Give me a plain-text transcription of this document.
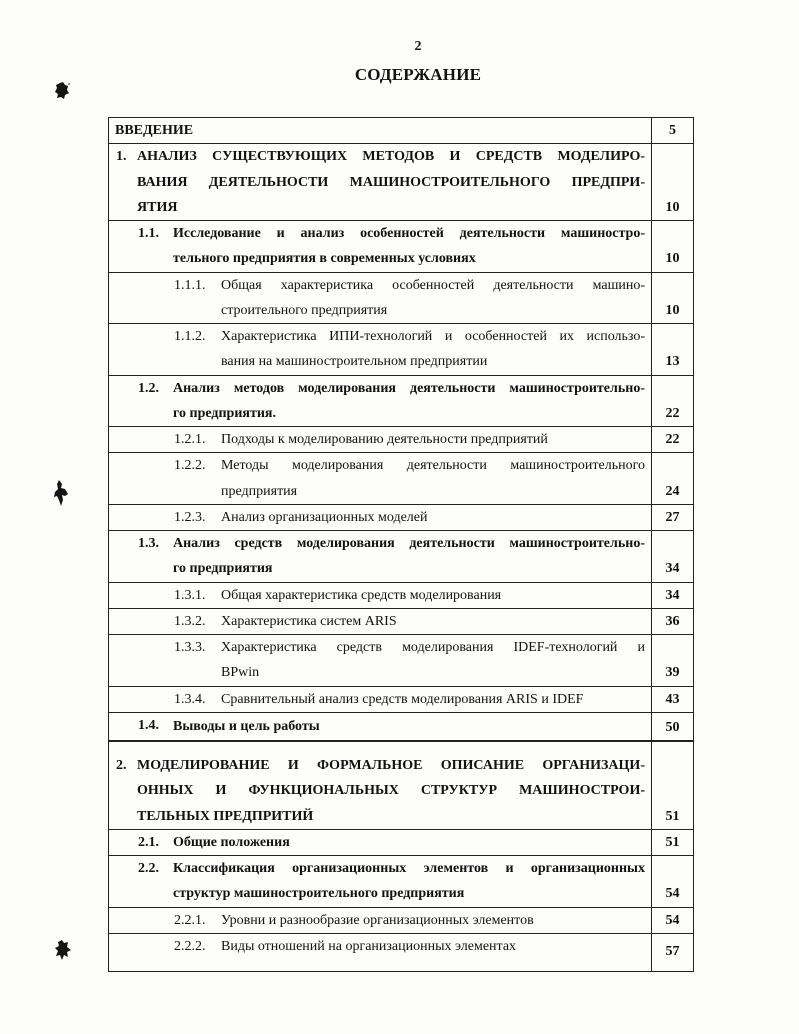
2
СОДЕРЖАНИЕ
ВВЕДЕНИЕ	5
1. АНАЛИЗ СУЩЕСТВУЮЩИХ МЕТОДОВ И СРЕДСТВ МОДЕЛИРО-
ВАНИЯ ДЕЯТЕЛЬНОСТИ МАШИНОСТРОИТЕЛЬНОГО ПРЕДПРИ-
ЯТИЯ	10
1.1. Исследование и анализ особенностей деятельности машиностро-
тельного предприятия в современных условиях	10
1.1.1. Общая характеристика особенностей деятельности машино-
строительного предприятия	10
1.1.2. Характеристика ИПИ-технологий и особенностей их использо-
вания на машиностроительном предприятии	13
1.2. Анализ методов моделирования деятельности машиностроительно-
го предприятия.	22
1.2.1. Подходы к моделированию деятельности предприятий	22
1.2.2. Методы моделирования деятельности машиностроительного
предприятия	24
1.2.3. Анализ организационных моделей	27
1.3. Анализ средств моделирования деятельности машиностроительно-
го предприятия	34
1.3.1. Общая характеристика средств моделирования	34
1.3.2. Характеристика систем ARIS	36
1.3.3. Характеристика средств моделирования IDEF-технологий и
BPwin	39
1.3.4. Сравнительный анализ средств моделирования ARIS и IDEF	43
1.4. Выводы и цель работы	50
2. МОДЕЛИРОВАНИЕ И ФОРМАЛЬНОЕ ОПИСАНИЕ ОРГАНИЗАЦИ-
ОННЫХ И ФУНКЦИОНАЛЬНЫХ СТРУКТУР МАШИНОСТРОИ-
ТЕЛЬНЫХ ПРЕДПРИТИЙ	51
2.1. Общие положения	51
2.2. Классификация организационных элементов и организационных
структур машиностроительного предприятия	54
2.2.1. Уровни и разнообразие организационных элементов	54
2.2.2. Виды отношений на организационных элементах	57
